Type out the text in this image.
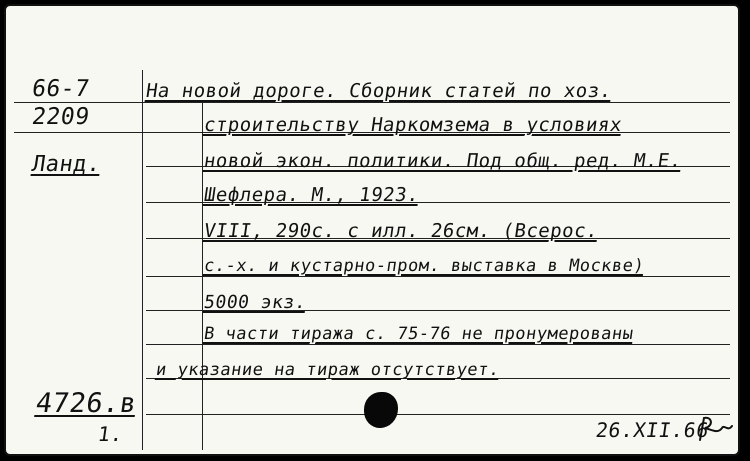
66-7
2209
Ланд.
На новой дороге. Сборник статей по хоз.
строительству Наркомзема в условиях
новой экон. политики. Под общ. ред. М.Е.
Шефлера. М., 1923.
VIII, 290с. с илл. 26см. (Всерос.
с.-х. и кустарно-пром. выставка в Москве)
5000 экз.
В части тиража с. 75-76 не пронумерованы
и указание на тираж отсутствует.
4726.в
1.	26.XII.66
